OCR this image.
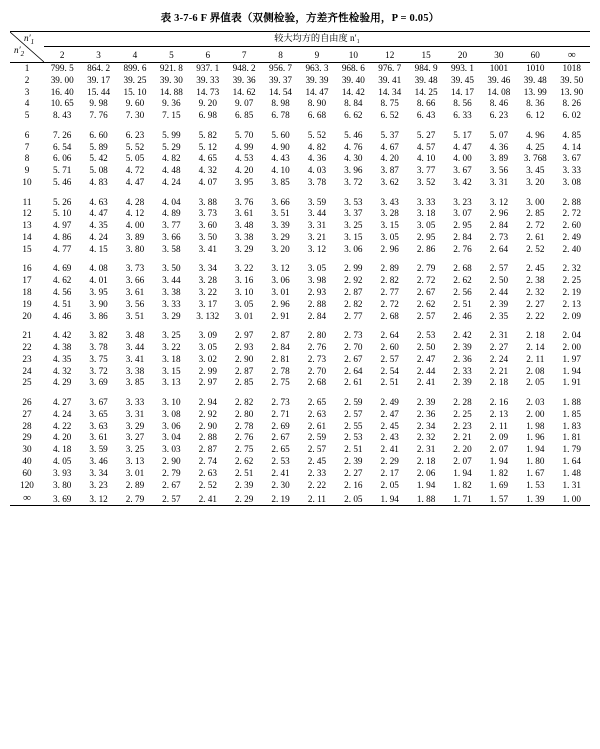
表 3-7-6 F 界值表（双侧检验，方差齐性检验用，P = 0.05）
$n'_1$
$n'_2$	较大均方的自由度 n′₁														
	2	3	4	5	6	7	8	9	10	12	15	20	30	60	∞
1	799. 5	864. 2	899. 6	921. 8	937. 1	948. 2	956. 7	963. 3	968. 6	976. 7	984. 9	993. 1	1001	1010	1018
2	39. 00	39. 17	39. 25	39. 30	39. 33	39. 36	39. 37	39. 39	39. 40	39. 41	39. 48	39. 45	39. 46	39. 48	39. 50
3	16. 40	15. 44	15. 10	14. 88	14. 73	14. 62	14. 54	14. 47	14. 42	14. 34	14. 25	14. 17	14. 08	13. 99	13. 90
4	10. 65	9. 98	9. 60	9. 36	9. 20	9. 07	8. 98	8. 90	8. 84	8. 75	8. 66	8. 56	8. 46	8. 36	8. 26
5	8. 43	7. 76	7. 30	7. 15	6. 98	6. 85	6. 78	6. 68	6. 62	6. 52	6. 43	6. 33	6. 23	6. 12	6. 02

6	7. 26	6. 60	6. 23	5. 99	5. 82	5. 70	5. 60	5. 52	5. 46	5. 37	5. 27	5. 17	5. 07	4. 96	4. 85
7	6. 54	5. 89	5. 52	5. 29	5. 12	4. 99	4. 90	4. 82	4. 76	4. 67	4. 57	4. 47	4. 36	4. 25	4. 14
8	6. 06	5. 42	5. 05	4. 82	4. 65	4. 53	4. 43	4. 36	4. 30	4. 20	4. 10	4. 00	3. 89	3. 768	3. 67
9	5. 71	5. 08	4. 72	4. 48	4. 32	4. 20	4. 10	4. 03	3. 96	3. 87	3. 77	3. 67	3. 56	3. 45	3. 33
10	5. 46	4. 83	4. 47	4. 24	4. 07	3. 95	3. 85	3. 78	3. 72	3. 62	3. 52	3. 42	3. 31	3. 20	3. 08

11	5. 26	4. 63	4. 28	4. 04	3. 88	3. 76	3. 66	3. 59	3. 53	3. 43	3. 33	3. 23	3. 12	3. 00	2. 88
12	5. 10	4. 47	4. 12	4. 89	3. 73	3. 61	3. 51	3. 44	3. 37	3. 28	3. 18	3. 07	2. 96	2. 85	2. 72
13	4. 97	4. 35	4. 00	3. 77	3. 60	3. 48	3. 39	3. 31	3. 25	3. 15	3. 05	2. 95	2. 84	2. 72	2. 60
14	4. 86	4. 24	3. 89	3. 66	3. 50	3. 38	3. 29	3. 21	3. 15	3. 05	2. 95	2. 84	2. 73	2. 61	2. 49
15	4. 77	4. 15	3. 80	3. 58	3. 41	3. 29	3. 20	3. 12	3. 06	2. 96	2. 86	2. 76	2. 64	2. 52	2. 40

16	4. 69	4. 08	3. 73	3. 50	3. 34	3. 22	3. 12	3. 05	2. 99	2. 89	2. 79	2. 68	2. 57	2. 45	2. 32
17	4. 62	4. 01	3. 66	3. 44	3. 28	3. 16	3. 06	3. 98	2. 92	2. 82	2. 72	2. 62	2. 50	2. 38	2. 25
18	4. 56	3. 95	3. 61	3. 38	3. 22	3. 10	3. 01	2. 93	2. 87	2. 77	2. 67	2. 56	2. 44	2. 32	2. 19
19	4. 51	3. 90	3. 56	3. 33	3. 17	3. 05	2. 96	2. 88	2. 82	2. 72	2. 62	2. 51	2. 39	2. 27	2. 13
20	4. 46	3. 86	3. 51	3. 29	3. 132	3. 01	2. 91	2. 84	2. 77	2. 68	2. 57	2. 46	2. 35	2. 22	2. 09

21	4. 42	3. 82	3. 48	3. 25	3. 09	2. 97	2. 87	2. 80	2. 73	2. 64	2. 53	2. 42	2. 31	2. 18	2. 04
22	4. 38	3. 78	3. 44	3. 22	3. 05	2. 93	2. 84	2. 76	2. 70	2. 60	2. 50	2. 39	2. 27	2. 14	2. 00
23	4. 35	3. 75	3. 41	3. 18	3. 02	2. 90	2. 81	2. 73	2. 67	2. 57	2. 47	2. 36	2. 24	2. 11	1. 97
24	4. 32	3. 72	3. 38	3. 15	2. 99	2. 87	2. 78	2. 70	2. 64	2. 54	2. 44	2. 33	2. 21	2. 08	1. 94
25	4. 29	3. 69	3. 85	3. 13	2. 97	2. 85	2. 75	2. 68	2. 61	2. 51	2. 41	2. 39	2. 18	2. 05	1. 91

26	4. 27	3. 67	3. 33	3. 10	2. 94	2. 82	2. 73	2. 65	2. 59	2. 49	2. 39	2. 28	2. 16	2. 03	1. 88
27	4. 24	3. 65	3. 31	3. 08	2. 92	2. 80	2. 71	2. 63	2. 57	2. 47	2. 36	2. 25	2. 13	2. 00	1. 85
28	4. 22	3. 63	3. 29	3. 06	2. 90	2. 78	2. 69	2. 61	2. 55	2. 45	2. 34	2. 23	2. 11	1. 98	1. 83
29	4. 20	3. 61	3. 27	3. 04	2. 88	2. 76	2. 67	2. 59	2. 53	2. 43	2. 32	2. 21	2. 09	1. 96	1. 81
30	4. 18	3. 59	3. 25	3. 03	2. 87	2. 75	2. 65	2. 57	2. 51	2. 41	2. 31	2. 20	2. 07	1. 94	1. 79
40	4. 05	3. 46	3. 13	2. 90	2. 74	2. 62	2. 53	2. 45	2. 39	2. 29	2. 18	2. 07	1. 94	1. 80	1. 64
60	3. 93	3. 34	3. 01	2. 79	2. 63	2. 51	2. 41	2. 33	2. 27	2. 17	2. 06	1. 94	1. 82	1. 67	1. 48
120	3. 80	3. 23	2. 89	2. 67	2. 52	2. 39	2. 30	2. 22	2. 16	2. 05	1. 94	1. 82	1. 69	1. 53	1. 31
∞	3. 69	3. 12	2. 79	2. 57	2. 41	2. 29	2. 19	2. 11	2. 05	1. 94	1. 88	1. 71	1. 57	1. 39	1. 00
